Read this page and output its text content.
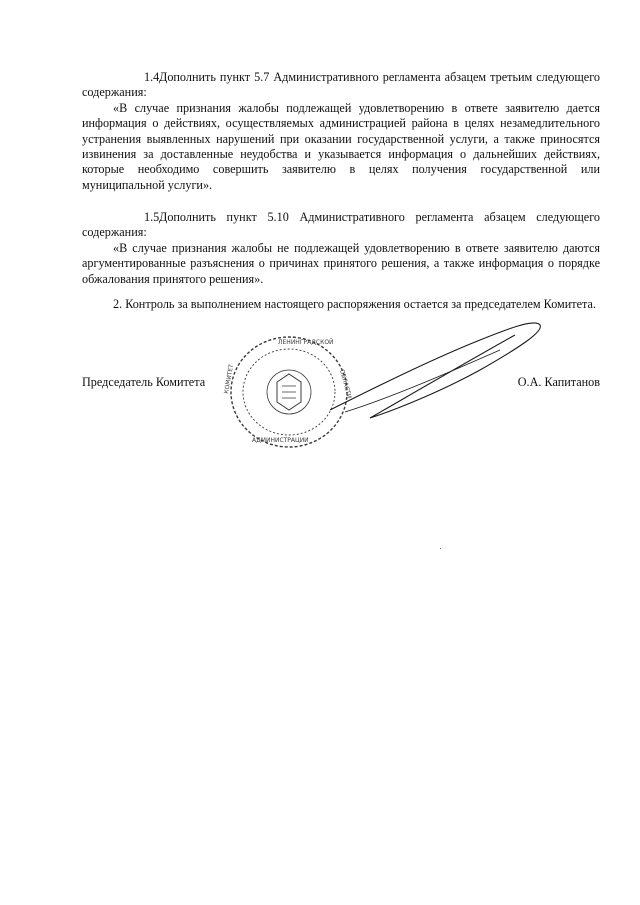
1.4.Дополнить пункт 5.7 Административного регламента абзацем третьим следующего содержания:

«В случае признания жалобы подлежащей удовлетворению в ответе заявителю дается информация о действиях, осуществляемых администрацией района в целях незамедлительного устранения выявленных нарушений при оказании государственной услуги, а также приносятся извинения за доставленные неудобства и указывается информация о дальнейших действиях, которые необходимо совершить заявителю в целях получения государственной или муниципальной услуги».

1.5.Дополнить пункт 5.10 Административного регламента абзацем следующего содержания:

«В случае признания жалобы не подлежащей удовлетворению в ответе заявителю даются аргументированные разъяснения о причинах принятого решения, а также информация о порядке обжалования принятого решения».

2. Контроль за выполнением настоящего распоряжения остается за председателем Комитета.

ЛЕНИНГРАДСКОЙ
КОМИТЕТ	ОБЛАСТИ
АДМИНИСТРАЦИИ
Председатель Комитета	О.А. Капитанов
